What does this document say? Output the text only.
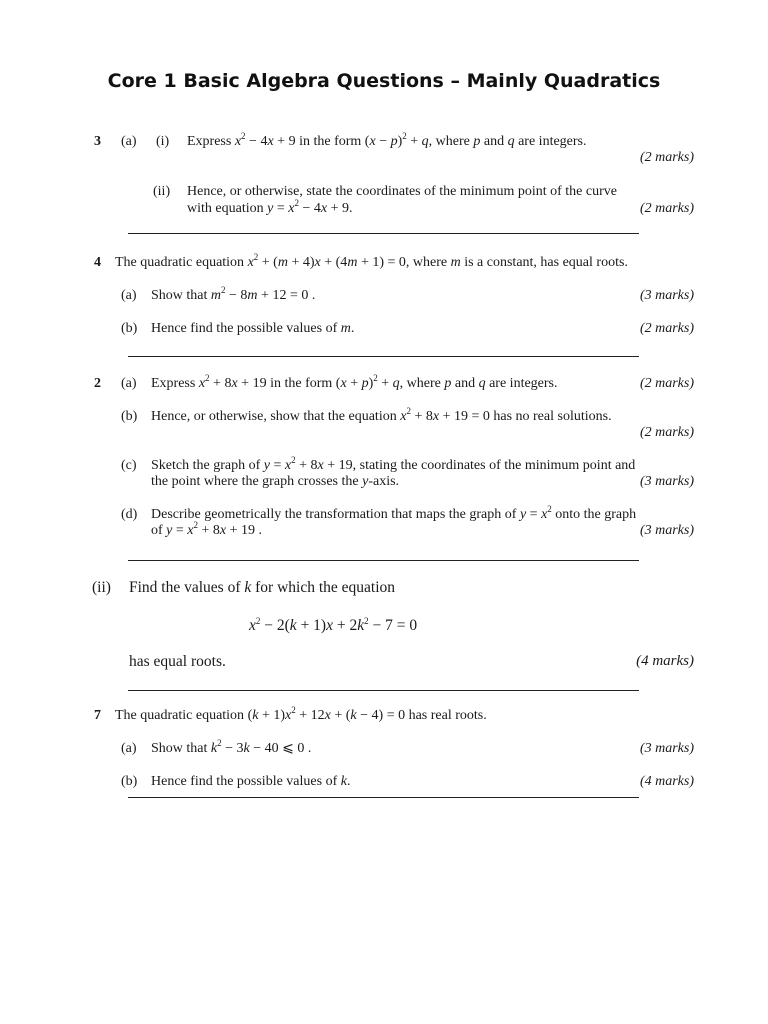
Core 1 Basic Algebra Questions – Mainly Quadratics
3 (a) (i) Express $x^2 - 4x + 9$ in the form $(x - p)^2 + q$, where p and q are integers.
(2 marks)
(ii) Hence, or otherwise, state the coordinates of the minimum point of the curve
with equation $y = x^2 - 4x + 9$.	(2 marks)
4 The quadratic equation $x^2 + (m + 4)x + (4m + 1) = 0$, where m is a constant, has equal roots.
(a) Show that $m^2 - 8m + 12 = 0$ .	(3 marks)
(b) Hence find the possible values of m.	(2 marks)
2 (a) Express $x^2 + 8x + 19$ in the form $(x + p)^2 + q$, where p and q are integers.	(2 marks)
(b) Hence, or otherwise, show that the equation $x^2 + 8x + 19 = 0$ has no real solutions.
(2 marks)
(c) Sketch the graph of $y = x^2 + 8x + 19$, stating the coordinates of the minimum point and
the point where the graph crosses the y-axis.	(3 marks)
(d) Describe geometrically the transformation that maps the graph of $y = x^2$ onto the graph
of $y = x^2 + 8x + 19$ .	(3 marks)
(ii) Find the values of k for which the equation
$x^2 - 2(k + 1)x + 2k^2 - 7 = 0$
has equal roots.	(4 marks)
7 The quadratic equation $(k + 1)x^2 + 12x + (k - 4) = 0$ has real roots.
(a) Show that $k^2 - 3k - 40$ ⩽ 0 .	(3 marks)
(b) Hence find the possible values of k.	(4 marks)
